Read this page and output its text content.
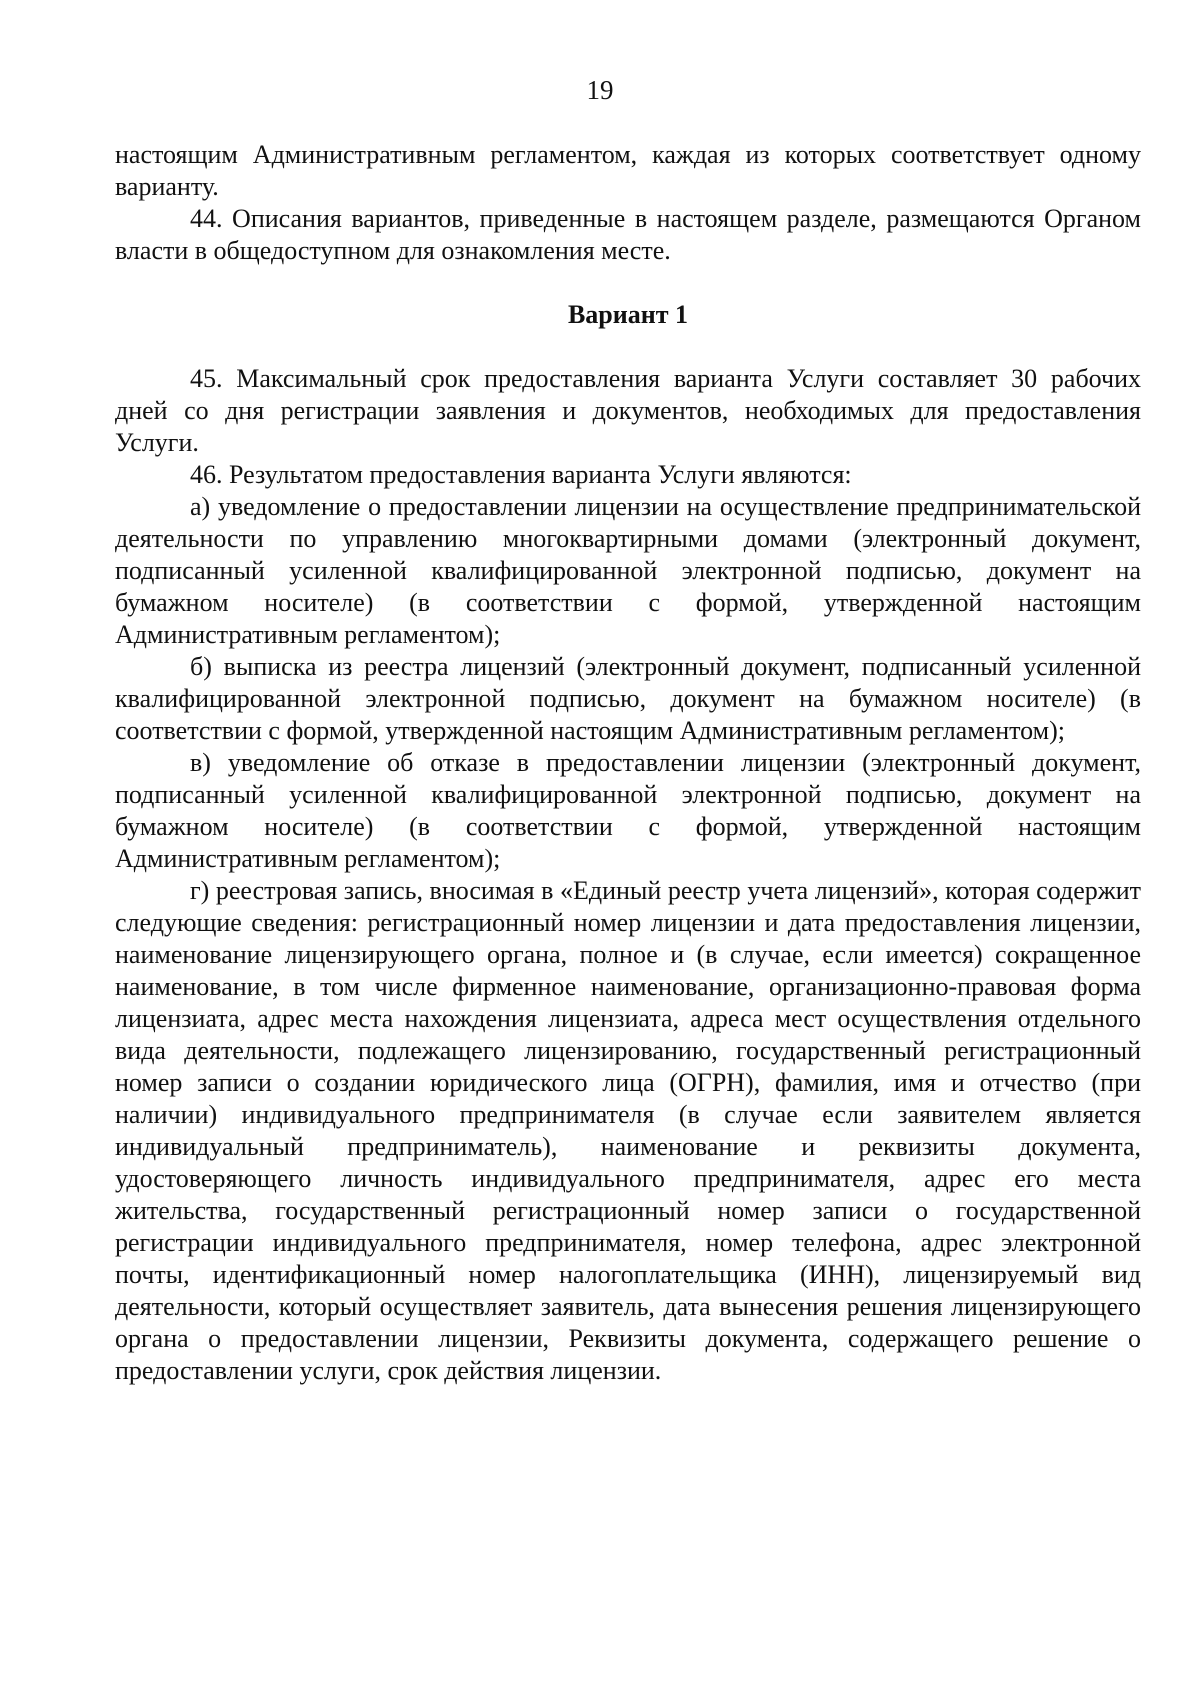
19

настоящим Административным регламентом, каждая из которых соответствует одному варианту.

44. Описания вариантов, приведенные в настоящем разделе, размещаются Органом власти в общедоступном для ознакомления месте.

Вариант 1

45. Максимальный срок предоставления варианта Услуги составляет 30 рабочих дней со дня регистрации заявления и документов, необходимых для предоставления Услуги.

46. Результатом предоставления варианта Услуги являются:

а) уведомление о предоставлении лицензии на осуществление предпринимательской деятельности по управлению многоквартирными домами (электронный документ, подписанный усиленной квалифицированной электронной подписью, документ на бумажном носителе) (в соответствии с формой, утвержденной настоящим Административным регламентом);

б) выписка из реестра лицензий (электронный документ, подписанный усиленной квалифицированной электронной подписью, документ на бумажном носителе) (в соответствии с формой, утвержденной настоящим Административным регламентом);

в) уведомление об отказе в предоставлении лицензии (электронный документ, подписанный усиленной квалифицированной электронной подписью, документ на бумажном носителе) (в соответствии с формой, утвержденной настоящим Административным регламентом);

г) реестровая запись, вносимая в «Единый реестр учета лицензий», которая содержит следующие сведения: регистрационный номер лицензии и дата предоставления лицензии, наименование лицензирующего органа, полное и (в случае, если имеется) сокращенное наименование, в том числе фирменное наименование, организационно-правовая форма лицензиата, адрес места нахождения лицензиата, адреса мест осуществления отдельного вида деятельности, подлежащего лицензированию, государственный регистрационный номер записи о создании юридического лица (ОГРН), фамилия, имя и отчество (при наличии) индивидуального предпринимателя (в случае если заявителем является индивидуальный предприниматель), наименование и реквизиты документа, удостоверяющего личность индивидуального предпринимателя, адрес его места жительства, государственный регистрационный номер записи о государственной регистрации индивидуального предпринимателя, номер телефона, адрес электронной почты, идентификационный номер налогоплательщика (ИНН), лицензируемый вид деятельности, который осуществляет заявитель, дата вынесения решения лицензирующего органа о предоставлении лицензии, Реквизиты документа, содержащего решение о предоставлении услуги, срок действия лицензии.
